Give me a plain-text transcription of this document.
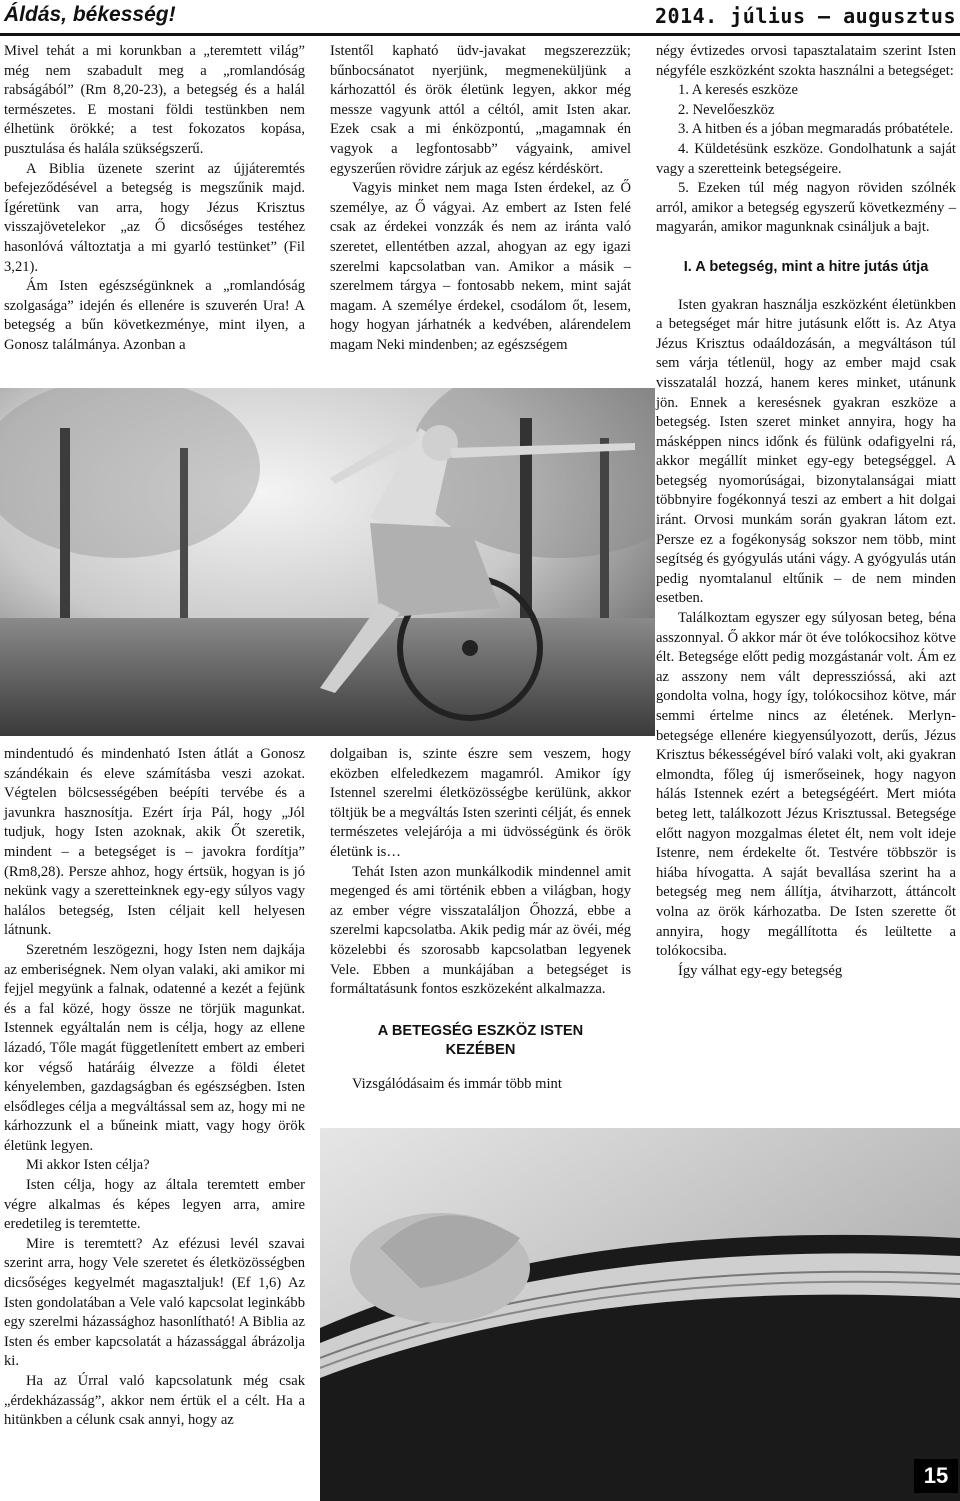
Áldás, békesség!	2014. július – augusztus

Mivel tehát a mi korunkban a „teremtett világ” még nem szabadult meg a „romlandóság rabságából” (Rm 8,20-23), a betegség és a halál természetes. E mostani földi testünkben nem élhetünk örökké; a test fokozatos kopása, pusztulása és halála szükségszerű.

A Biblia üzenete szerint az újjáteremtés befejeződésével a betegség is megszűnik majd. Ígéretünk van arra, hogy Jézus Krisztus visszajövetelekor „az Ő dicsőséges testéhez hasonlóvá változtatja a mi gyarló testünket” (Fil 3,21).

Ám Isten egészségünknek a „romlandóság szolgasága” idején és ellenére is szuverén Ura! A betegség a bűn következménye, mint ilyen, a Gonosz találmánya. Azonban a

Istentől kapható üdv-javakat megszerezzük; bűnbocsánatot nyerjünk, megmeneküljünk a kárhozattól és örök életünk legyen, akkor még messze vagyunk attól a céltól, amit Isten akar. Ezek csak a mi énközpontú, „magamnak én vagyok a legfontosabb” vágyaink, amivel egyszerűen rövidre zárjuk az egész kérdéskört.

Vagyis minket nem maga Isten érdekel, az Ő személye, az Ő vágyai. Az embert az Isten felé csak az érdekei vonzzák és nem az iránta való szeretet, ellentétben azzal, ahogyan az egy igazi szerelmi kapcsolatban van. Amikor a másik – szerelmem tárgya – fontosabb nekem, mint saját magam. A személye érdekel, csodálom őt, lesem, hogy hogyan járhatnék a kedvében, alárendelem magam Neki mindenben; az egészségem

négy évtizedes orvosi tapasztalataim szerint Isten négyféle eszközként szokta használni a betegséget:

1. A keresés eszköze

2. Nevelőeszköz

3. A hitben és a jóban megmaradás próbatétele.

4. Küldetésünk eszköze. Gondolhatunk a saját vagy a szeretteink betegségeire.

5. Ezeken túl még nagyon röviden szólnék arról, amikor a betegség egyszerű következmény – magyarán, amikor magunknak csináljuk a bajt.

I. A betegség, mint a hitre jutás útja

Isten gyakran használja eszközként életünkben a betegséget már hitre jutásunk előtt is. Az Atya Jézus Krisztus odaáldozásán, a megváltáson túl sem várja tétlenül, hogy az ember majd csak visszatalál hozzá, hanem keres minket, utánunk jön. Ennek a keresésnek gyakran eszköze a betegség. Isten szeret minket annyira, hogy ha másképpen nincs időnk és fülünk odafigyelni rá, akkor megállít minket egy-egy betegséggel. A betegség nyomorúságai, bizonytalanságai miatt többnyire fogékonnyá teszi az embert a hit dolgai iránt. Orvosi munkám során gyakran látom ezt. Persze ez a fogékonyság sokszor nem több, mint segítség és gyógyulás utáni vágy. A gyógyulás után pedig nyomtalanul eltűnik – de nem minden esetben.

Találkoztam egyszer egy súlyosan beteg, béna asszonnyal. Ő akkor már öt éve tolókocsihoz kötve élt. Betegsége előtt pedig mozgástanár volt. Ám ez az asszony nem vált depresszióssá, aki azt gondolta volna, hogy így, tolókocsihoz kötve, már semmi értelme nincs az életének. Merlyn-betegsége ellenére kiegyensúlyozott, derűs, Jézus Krisztus békességével bíró valaki volt, aki gyakran elmondta, főleg új ismerőseinek, hogy nagyon hálás Istennek ezért a betegségéért. Mert mióta beteg lett, találkozott Jézus Krisztussal. Betegsége előtt nagyon mozgalmas életet élt, nem volt ideje Istenre, nem érdekelte őt. Testvére többször is hiába hívogatta. A saját bevallása szerint ha a betegség meg nem állítja, átviharzott, áttáncolt volna az örök kárhozatba. De Isten szerette őt annyira, hogy megállította és leültette a tolókocsiba.

Így válhat egy-egy betegség

mindentudó és mindenható Isten átlát a Gonosz szándékain és eleve számításba veszi azokat. Végtelen bölcsességében beépíti tervébe és a javunkra hasznosítja. Ezért írja Pál, hogy „Jól tudjuk, hogy Isten azoknak, akik Őt szeretik, mindent – a betegséget is – javokra fordítja” (Rm8,28). Persze ahhoz, hogy értsük, hogyan is jó nekünk vagy a szeretteinknek egy-egy súlyos vagy halálos betegség, Isten céljait kell helyesen látnunk.

Szeretném leszögezni, hogy Isten nem dajkája az emberiségnek. Nem olyan valaki, aki amikor mi fejjel megyünk a falnak, odatenné a kezét a fejünk és a fal közé, hogy össze ne törjük magunkat. Istennek egyáltalán nem is célja, hogy az ellene lázadó, Tőle magát függetlenített embert az emberi kor végső határáig élvezze a földi életet kényelemben, gazdagságban és egészségben. Isten elsődleges célja a megváltással sem az, hogy mi ne kárhozzunk el a bűneink miatt, vagy hogy örök életünk legyen.

Mi akkor Isten célja?

Isten célja, hogy az általa teremtett ember végre alkalmas és képes legyen arra, amire eredetileg is teremtette.

Mire is teremtett? Az efézusi levél szavai szerint arra, hogy Vele szeretet és életközösségben dicsőséges kegyelmét magasztaljuk! (Ef 1,6) Az Isten gondolatában a Vele való kapcsolat leginkább egy szerelmi házassághoz hasonlítható! A Biblia az Isten és ember kapcsolatát a házassággal ábrázolja ki.

Ha az Úrral való kapcsolatunk még csak „érdekházasság”, akkor nem értük el a célt. Ha a hitünkben a célunk csak annyi, hogy az

dolgaiban is, szinte észre sem veszem, hogy eközben elfeledkezem magamról. Amikor így Istennel szerelmi életközösségbe kerülünk, akkor töltjük be a megváltás Isten szerinti célját, és ennek természetes velejárója a mi üdvösségünk és örök életünk is…

Tehát Isten azon munkálkodik mindennel amit megenged és ami történik ebben a világban, hogy az ember végre visszataláljon Őhozzá, ebbe a szerelmi kapcsolatba. Akik pedig már az övéi, még közelebbi és szorosabb kapcsolatban legyenek Vele. Ebben a munkájában a betegséget is formáltatásunk fontos eszközeként alkalmazza.

A BETEGSÉG ESZKÖZ ISTEN KEZÉBEN

Vizsgálódásaim és immár több mint

15
